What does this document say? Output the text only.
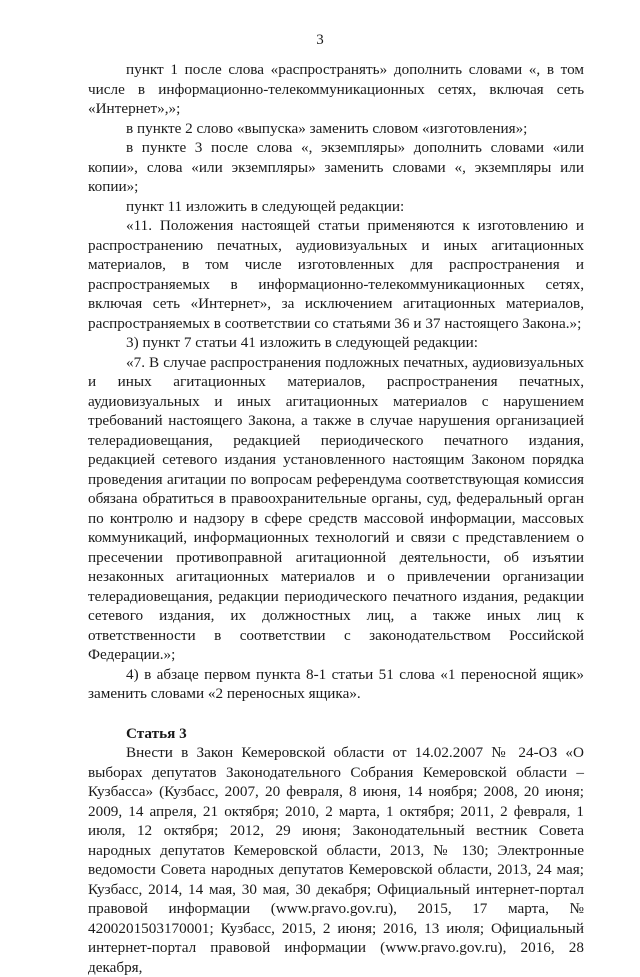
3

пункт 1 после слова «распространять» дополнить словами «, в том числе в информационно-телекоммуникационных сетях, включая сеть «Интернет»,»;

в пункте 2 слово «выпуска» заменить словом «изготовления»;

в пункте 3 после слова «, экземпляры» дополнить словами «или копии», слова «или экземпляры» заменить словами «, экземпляры или копии»;

пункт 11 изложить в следующей редакции:

«11. Положения настоящей статьи применяются к изготовлению и распространению печатных, аудиовизуальных и иных агитационных материалов, в том числе изготовленных для распространения и распространяемых в информационно-телекоммуникационных сетях, включая сеть «Интернет», за исключением агитационных материалов, распространяемых в соответствии со статьями 36 и 37 настоящего Закона.»;

3) пункт 7 статьи 41 изложить в следующей редакции:

«7. В случае распространения подложных печатных, аудиовизуальных и иных агитационных материалов, распространения печатных, аудиовизуальных и иных агитационных материалов с нарушением требований настоящего Закона, а также в случае нарушения организацией телерадиовещания, редакцией периодического печатного издания, редакцией сетевого издания установленного настоящим Законом порядка проведения агитации по вопросам референдума соответствующая комиссия обязана обратиться в правоохранительные органы, суд, федеральный орган по контролю и надзору в сфере средств массовой информации, массовых коммуникаций, информационных технологий и связи с представлением о пресечении противоправной агитационной деятельности, об изъятии незаконных агитационных материалов и о привлечении организации телерадиовещания, редакции периодического печатного издания, редакции сетевого издания, их должностных лиц, а также иных лиц к ответственности в соответствии с законодательством Российской Федерации.»;

4) в абзаце первом пункта 8-1 статьи 51 слова «1 переносной ящик» заменить словами «2 переносных ящика».

Статья 3

Внести в Закон Кемеровской области от 14.02.2007 № 24-ОЗ «О выборах депутатов Законодательного Собрания Кемеровской области – Кузбасса» (Кузбасс, 2007, 20 февраля, 8 июня, 14 ноября; 2008, 20 июня; 2009, 14 апреля, 21 октября; 2010, 2 марта, 1 октября; 2011, 2 февраля, 1 июля, 12 октября; 2012, 29 июня; Законодательный вестник Совета народных депутатов Кемеровской области, 2013, № 130; Электронные ведомости Совета народных депутатов Кемеровской области, 2013, 24 мая; Кузбасс, 2014, 14 мая, 30 мая, 30 декабря; Официальный интернет-портал правовой информации (www.pravo.gov.ru), 2015, 17 марта, № 4200201503170001; Кузбасс, 2015, 2 июня; 2016, 13 июля; Официальный интернет-портал правовой информации (www.pravo.gov.ru), 2016, 28 декабря,
